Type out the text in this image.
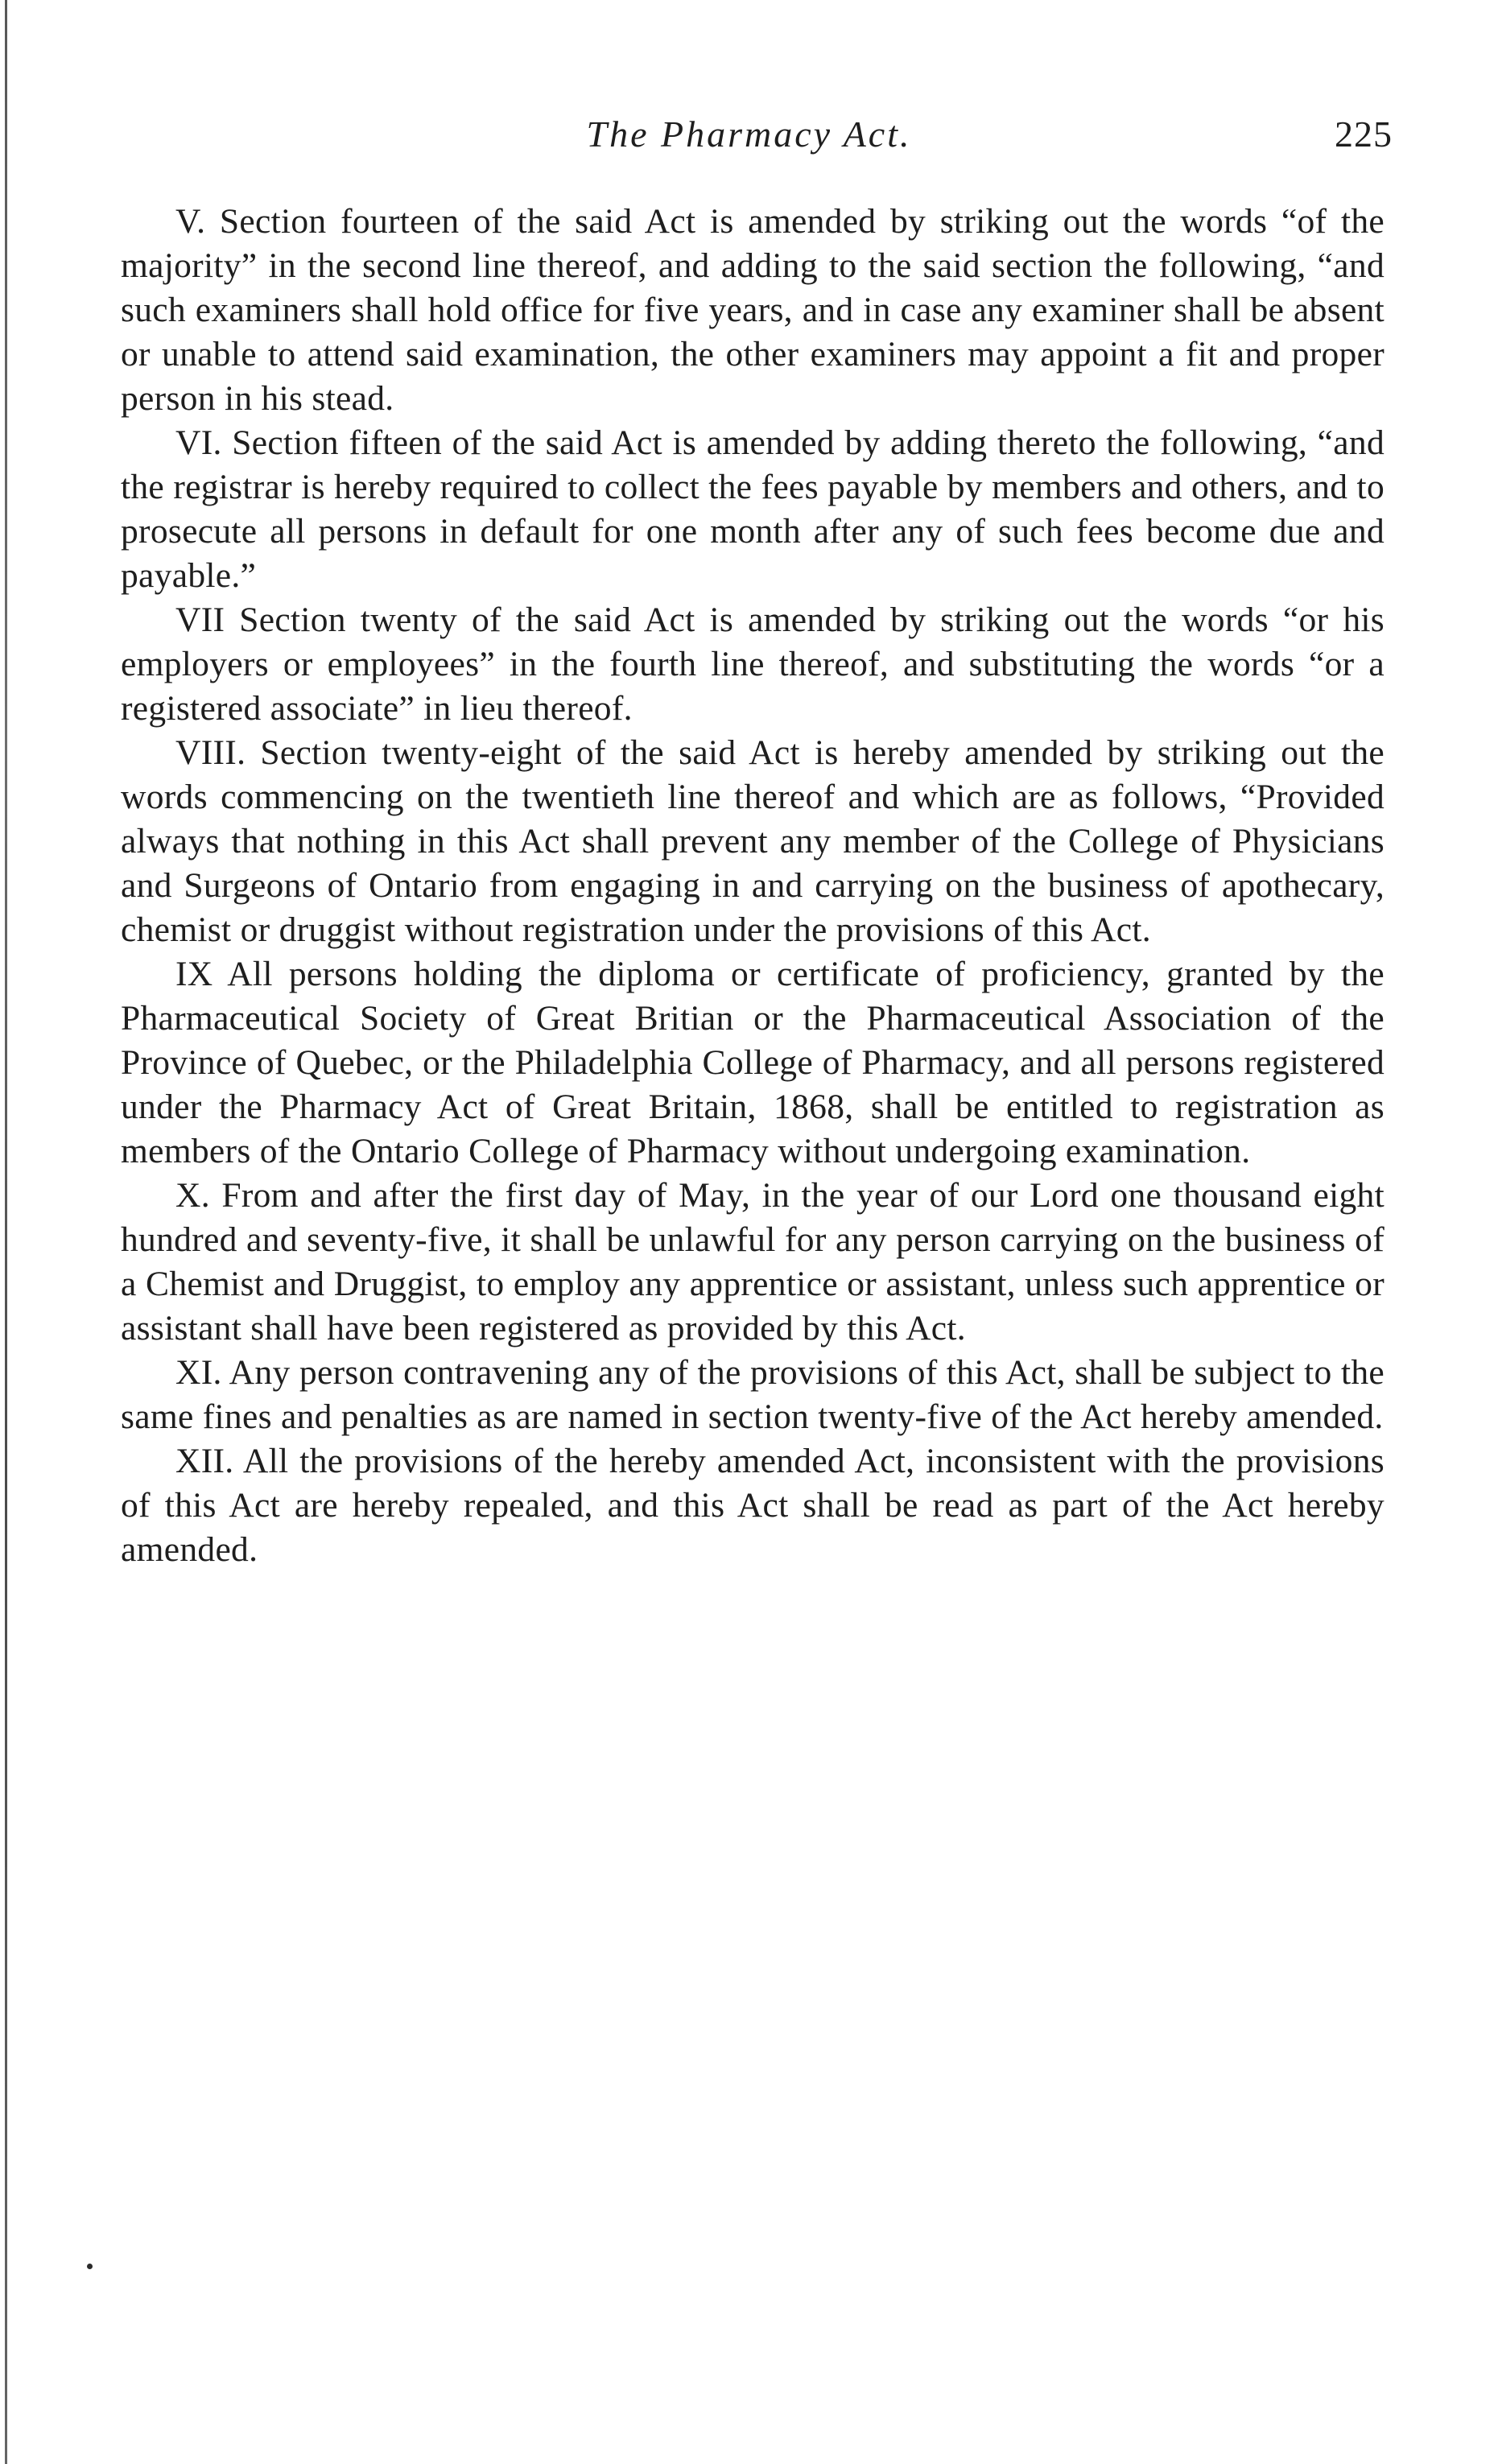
The Pharmacy Act.	225

V. Section fourteen of the said Act is amended by striking out the words “of the majority” in the second line thereof, and adding to the said section the following, “and such examiners shall hold office for five years, and in case any examiner shall be absent or unable to attend said examination, the other examiners may appoint a fit and proper person in his stead.

VI. Section fifteen of the said Act is amended by adding thereto the following, “and the registrar is hereby required to collect the fees payable by members and others, and to prosecute all persons in default for one month after any of such fees become due and payable.”

VII Section twenty of the said Act is amended by striking out the words “or his employers or employees” in the fourth line thereof, and substituting the words “or a registered associate” in lieu thereof.

VIII. Section twenty-eight of the said Act is hereby amended by striking out the words commencing on the twentieth line thereof and which are as follows, “Provided always that nothing in this Act shall prevent any member of the College of Physicians and Surgeons of Ontario from engaging in and carrying on the business of apothecary, chemist or druggist without registration under the provisions of this Act.

IX All persons holding the diploma or certificate of proficiency, granted by the Pharmaceutical Society of Great Britian or the Pharmaceutical Association of the Province of Quebec, or the Philadelphia College of Pharmacy, and all persons registered under the Pharmacy Act of Great Britain, 1868, shall be entitled to registration as members of the Ontario College of Pharmacy without undergoing examination.

X. From and after the first day of May, in the year of our Lord one thousand eight hundred and seventy-five, it shall be unlawful for any person carrying on the business of a Chemist and Druggist, to employ any apprentice or assistant, unless such apprentice or assistant shall have been registered as provided by this Act.

XI. Any person contravening any of the provisions of this Act, shall be subject to the same fines and penalties as are named in section twenty-five of the Act hereby amended.

XII. All the provisions of the hereby amended Act, inconsistent with the provisions of this Act are hereby repealed, and this Act shall be read as part of the Act hereby amended.
